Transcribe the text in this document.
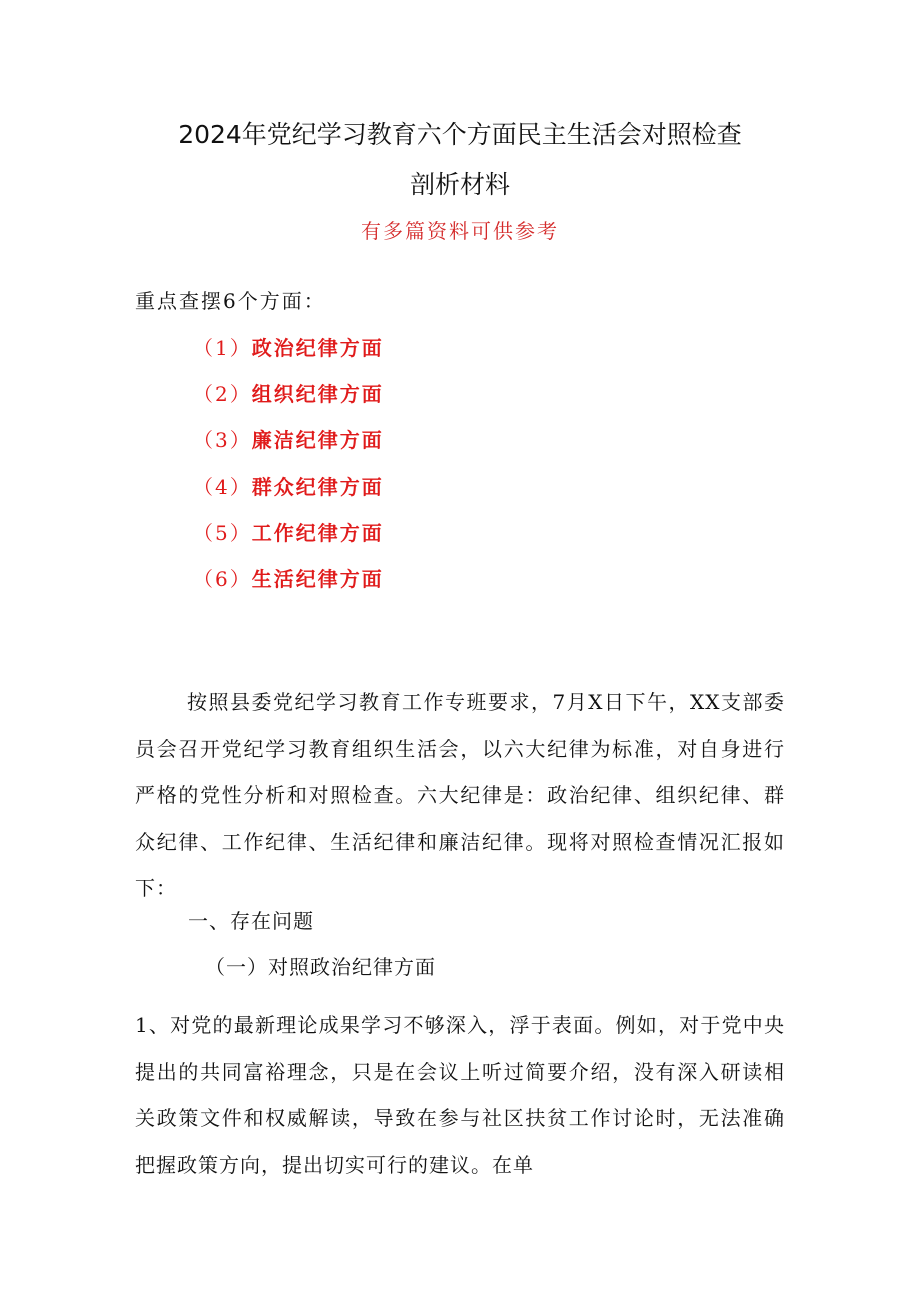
2024年党纪学习教育六个方面民主生活会对照检查
剖析材料
有多篇资料可供参考
重点查摆6个方面：
（1）政治纪律方面
（2）组织纪律方面
（3）廉洁纪律方面
（4）群众纪律方面
（5）工作纪律方面
（6）生活纪律方面
按照县委党纪学习教育工作专班要求，7月X日下午，XX支部委员会召开党纪学习教育组织生活会，以六大纪律为标准，对自身进行严格的党性分析和对照检查。六大纪律是：政治纪律、组织纪律、群众纪律、工作纪律、生活纪律和廉洁纪律。现将对照检查情况汇报如下：
一、存在问题
（一）对照政治纪律方面
1、对党的最新理论成果学习不够深入，浮于表面。例如，对于党中央提出的共同富裕理念，只是在会议上听过简要介绍，没有深入研读相关政策文件和权威解读，导致在参与社区扶贫工作讨论时，无法准确把握政策方向，提出切实可行的建议。在单
